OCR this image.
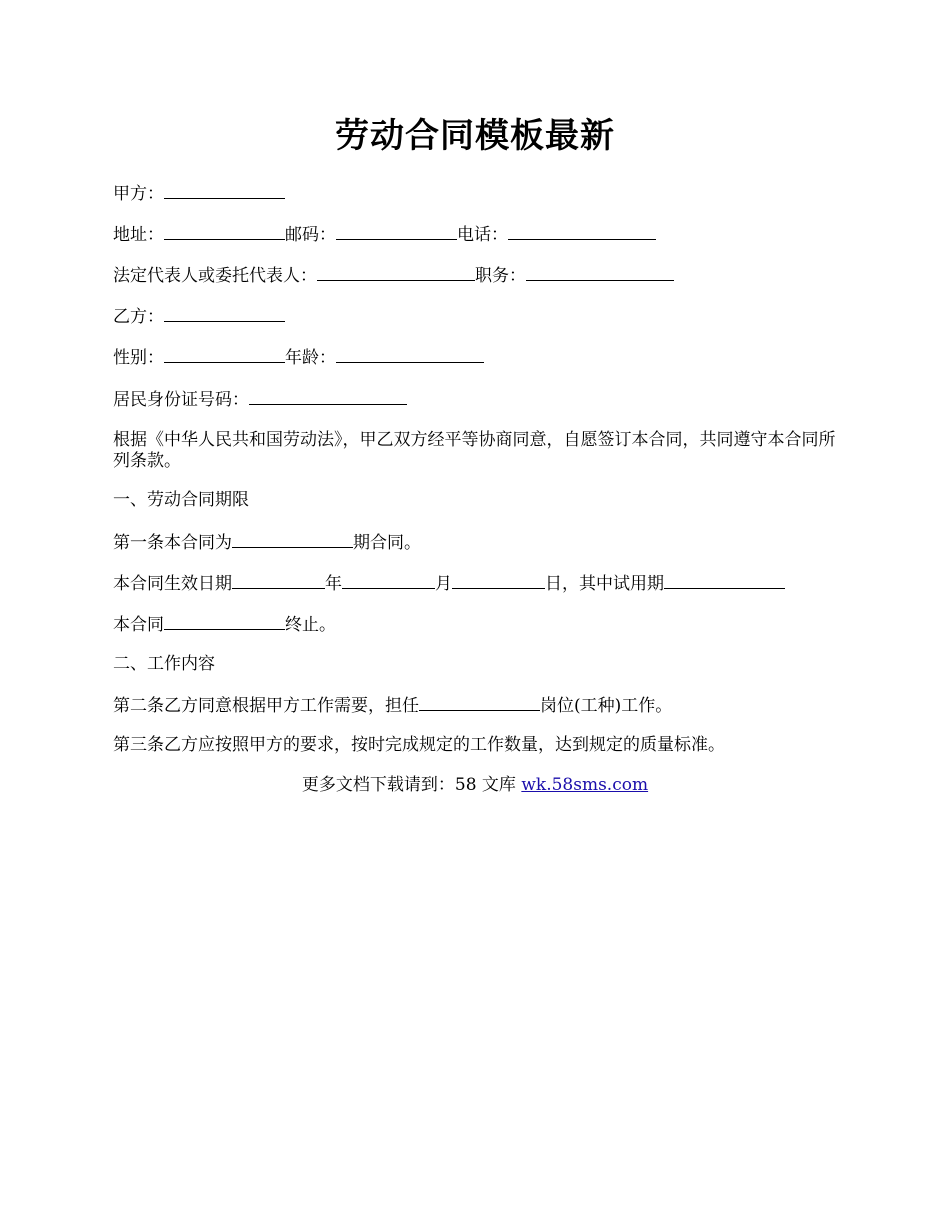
劳动合同模板最新
甲方：
地址：	邮码：	电话：
法定代表人或委托代表人：	职务：
乙方：
性别：	年龄：
居民身份证号码：
根据《中华人民共和国劳动法》，甲乙双方经平等协商同意，自愿签订本合同，共同遵守本合同所列条款。
一、劳动合同期限
第一条本合同为	期合同。
本合同生效日期	年	月	日，其中试用期
本合同	终止。
二、工作内容
第二条乙方同意根据甲方工作需要，担任	岗位(工种)工作。
第三条乙方应按照甲方的要求，按时完成规定的工作数量，达到规定的质量标准。
更多文档下载请到：58 文库 wk.58sms.com
